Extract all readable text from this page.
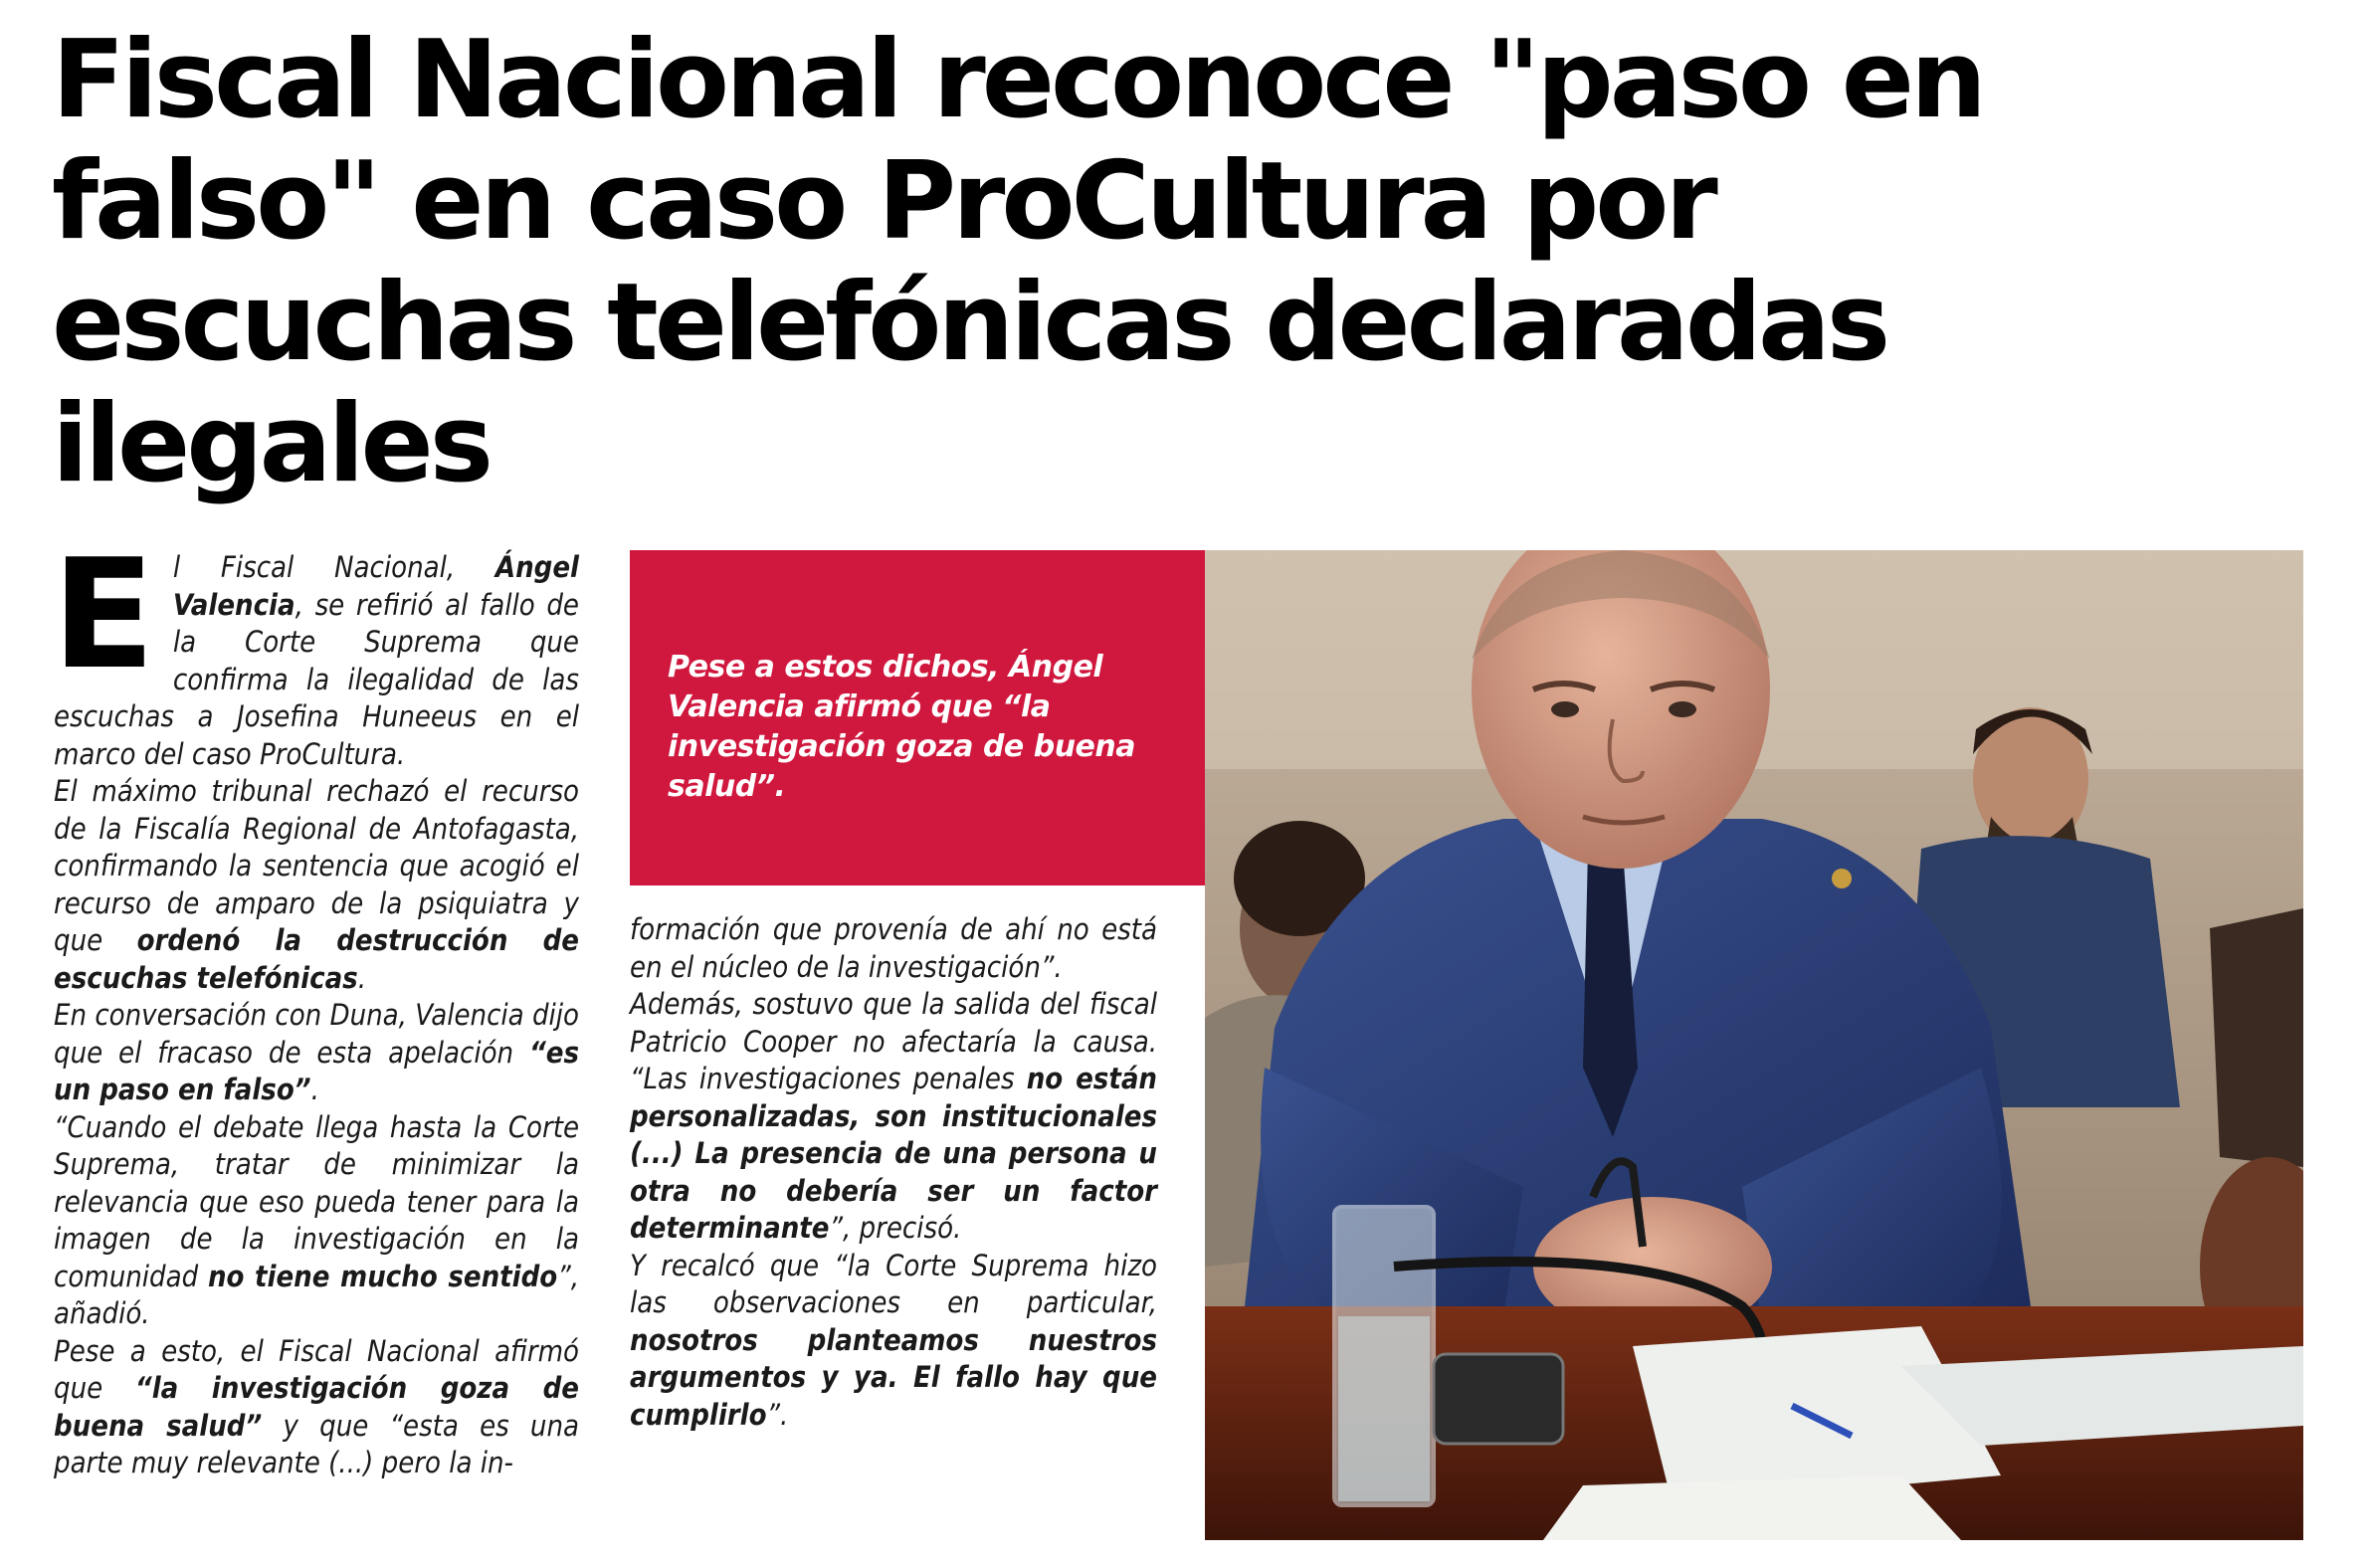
Fiscal Nacional reconoce "paso en falso" en caso ProCultura por escuchas telefónicas declaradas ilegales
E l Fiscal Nacional, Ángel Valencia, se refirió al fallo de la Corte Suprema que confirma la ilegalidad de las escuchas a Josefina Huneeus en el marco del caso ProCultura.

El máximo tribunal rechazó el recurso de la Fiscalía Regional de Antofagasta, confirmando la sentencia que acogió el recurso de amparo de la psiquiatra y que ordenó la destrucción de escuchas telefónicas.

En conversación con Duna, Valencia dijo que el fracaso de esta apelación “es un paso en falso”.

“Cuando el debate llega hasta la Corte Suprema, tratar de minimizar la relevancia que eso pueda tener para la imagen de la investigación en la comunidad no tiene mucho sentido”, añadió.

Pese a esto, el Fiscal Nacional afirmó que “la investigación goza de buena salud” y que “esta es una parte muy relevante (...) pero la in-

Pese a estos dichos, Ángel Valencia afirmó que “la investigación goza de buena salud”.

formación que provenía de ahí no está en el núcleo de la investigación”.

Además, sostuvo que la salida del fiscal Patricio Cooper no afectaría la causa. “Las investigaciones penales no están personalizadas, son institucionales (...) La presencia de una persona u otra no debería ser un factor determinante”, precisó.

Y recalcó que “la Corte Suprema hizo las observaciones en particular, nosotros planteamos nuestros argumentos y ya. El fallo hay que cumplirlo”.
